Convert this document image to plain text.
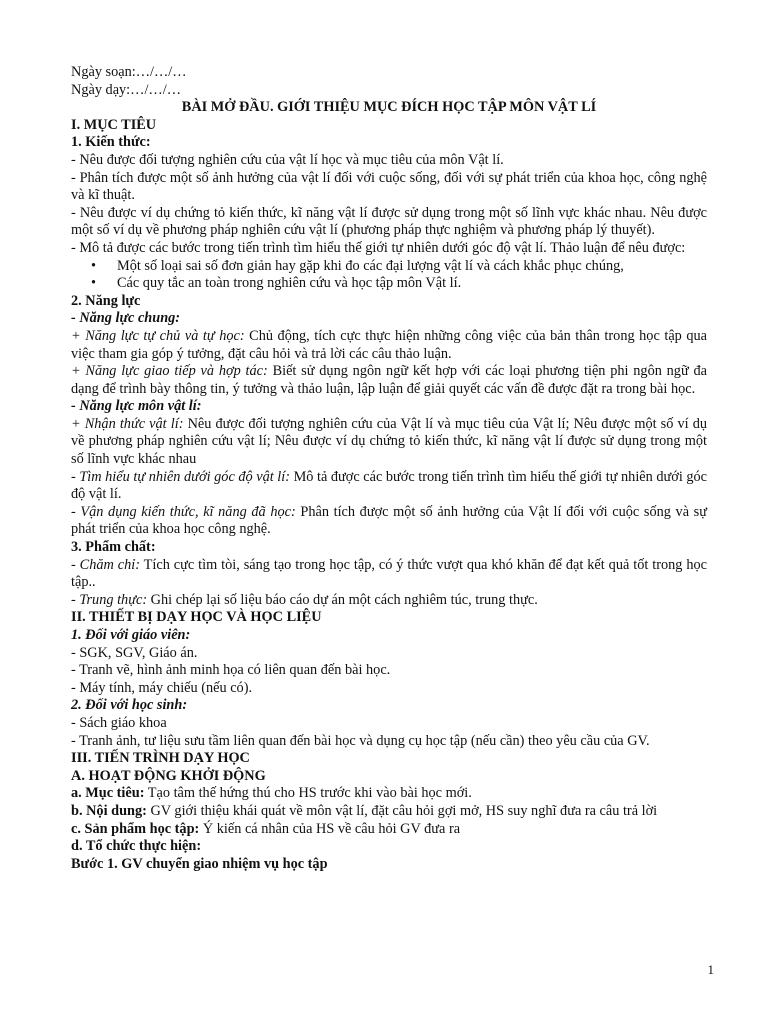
Ngày soạn:…/…/…

Ngày dạy:…/…/…

BÀI MỞ ĐẦU. GIỚI THIỆU MỤC ĐÍCH HỌC TẬP MÔN VẬT LÍ

I. MỤC TIÊU

1. Kiến thức:

- Nêu được đối tượng nghiên cứu của vật lí học và mục tiêu của môn Vật lí.

- Phân tích được một số ảnh hưởng của vật lí đối với cuộc sống, đối với sự phát triển của khoa học, công nghệ và kĩ thuật.

- Nêu được ví dụ chứng tỏ kiến thức, kĩ năng vật lí được sử dụng trong một số lĩnh vực khác nhau. Nêu được một số ví dụ về phương pháp nghiên cứu vật lí (phương pháp thực nghiệm và phương pháp lý thuyết).

- Mô tả được các bước trong tiến trình tìm hiểu thế giới tự nhiên dưới góc độ vật lí. Thảo luận để nêu được:

• Một số loại sai số đơn giản hay gặp khi đo các đại lượng vật lí và cách khắc phục chúng,
• Các quy tắc an toàn trong nghiên cứu và học tập môn Vật lí.

2. Năng lực

- Năng lực chung:

+ Năng lực tự chủ và tự học: Chủ động, tích cực thực hiện những công việc của bản thân trong học tập qua việc tham gia góp ý tưởng, đặt câu hỏi và trả lời các câu thảo luận.

+ Năng lực giao tiếp và hợp tác: Biết sử dụng ngôn ngữ kết hợp với các loại phương tiện phi ngôn ngữ đa dạng để trình bày thông tin, ý tưởng và thảo luận, lập luận để giải quyết các vấn đề được đặt ra trong bài học.

- Năng lực môn vật lí:

+ Nhận thức vật lí: Nêu được đối tượng nghiên cứu của Vật lí và mục tiêu của Vật lí; Nêu được một số ví dụ về phương pháp nghiên cứu vật lí; Nêu được ví dụ chứng tỏ kiến thức, kĩ năng vật lí được sử dụng trong một số lĩnh vực khác nhau

- Tìm hiểu tự nhiên dưới góc độ vật lí: Mô tả được các bước trong tiến trình tìm hiểu thế giới tự nhiên dưới góc độ vật lí.

- Vận dụng kiến thức, kĩ năng đã học: Phân tích được một số ảnh hưởng của Vật lí đối với cuộc sống và sự phát triển của khoa học công nghệ.

3. Phẩm chất:

- Chăm chỉ: Tích cực tìm tòi, sáng tạo trong học tập, có ý thức vượt qua khó khăn để đạt kết quả tốt trong học tập..

- Trung thực: Ghi chép lại số liệu báo cáo dự án một cách nghiêm túc, trung thực.

II. THIẾT BỊ DẠY HỌC VÀ HỌC LIỆU

1. Đối với giáo viên:

- SGK, SGV, Giáo án.

- Tranh vẽ, hình ảnh minh họa có liên quan đến bài học.

- Máy tính, máy chiếu (nếu có).

2. Đối với học sinh:

- Sách giáo khoa

- Tranh ảnh, tư liệu sưu tầm liên quan đến bài học và dụng cụ học tập (nếu cần) theo yêu cầu của GV.

III. TIẾN TRÌNH DẠY HỌC

A. HOẠT ĐỘNG KHỞI ĐỘNG

a. Mục tiêu: Tạo tâm thế hứng thú cho HS trước khi vào bài học mới.

b. Nội dung: GV giới thiệu khái quát về môn vật lí, đặt câu hỏi gợi mở, HS suy nghĩ đưa ra câu trả lời

c. Sản phẩm học tập: Ý kiến cá nhân của HS về câu hỏi GV đưa ra

d. Tổ chức thực hiện:

Bước 1. GV chuyển giao nhiệm vụ học tập

1
